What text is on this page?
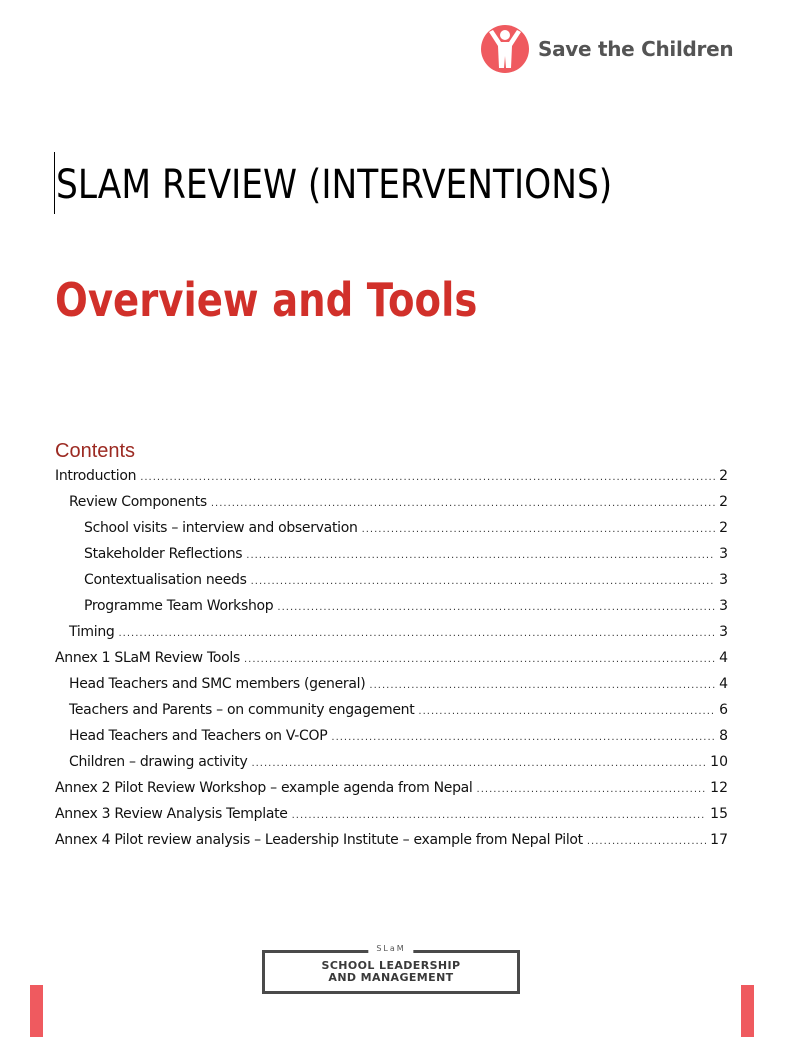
Save the Children
SLAM REVIEW (INTERVENTIONS)
Overview and Tools
Contents
Introduction .....	2
Review Components .....	2
School visits – interview and observation .....	2
Stakeholder Reflections .....	3
Contextualisation needs .....	3
Programme Team Workshop .....	3
Timing .....	3
Annex 1 SLaM Review Tools .....	4
Head Teachers and SMC members (general) .....	4
Teachers and Parents – on community engagement .....	6
Head Teachers and Teachers on V-COP .....	8
Children – drawing activity .....	10
Annex 2 Pilot Review Workshop – example agenda from Nepal .....	12
Annex 3 Review Analysis Template .....	15
Annex 4 Pilot review analysis – Leadership Institute – example from Nepal Pilot .....	17
SLaM
SCHOOL LEADERSHIP
AND MANAGEMENT
